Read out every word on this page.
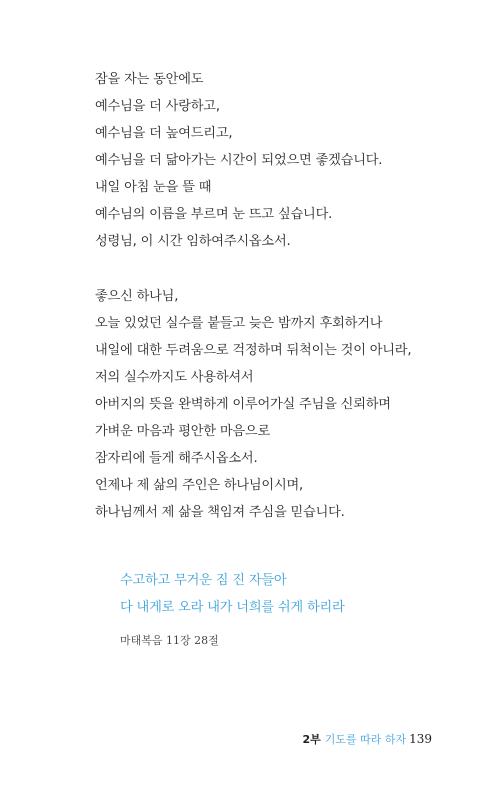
잠을 자는 동안에도
예수님을 더 사랑하고,
예수님을 더 높여드리고,
예수님을 더 닮아가는 시간이 되었으면 좋겠습니다.
내일 아침 눈을 뜰 때
예수님의 이름을 부르며 눈 뜨고 싶습니다.
성령님, 이 시간 임하여주시옵소서.
좋으신 하나님,
오늘 있었던 실수를 붙들고 늦은 밤까지 후회하거나
내일에 대한 두려움으로 걱정하며 뒤척이는 것이 아니라,
저의 실수까지도 사용하셔서
아버지의 뜻을 완벽하게 이루어가실 주님을 신뢰하며
가벼운 마음과 평안한 마음으로
잠자리에 들게 해주시옵소서.
언제나 제 삶의 주인은 하나님이시며,
하나님께서 제 삶을 책임져 주심을 믿습니다.
수고하고 무거운 짐 진 자들아
다 내게로 오라 내가 너희를 쉬게 하리라
마태복음 11장 28절
2부 기도를 따라 하자 139
